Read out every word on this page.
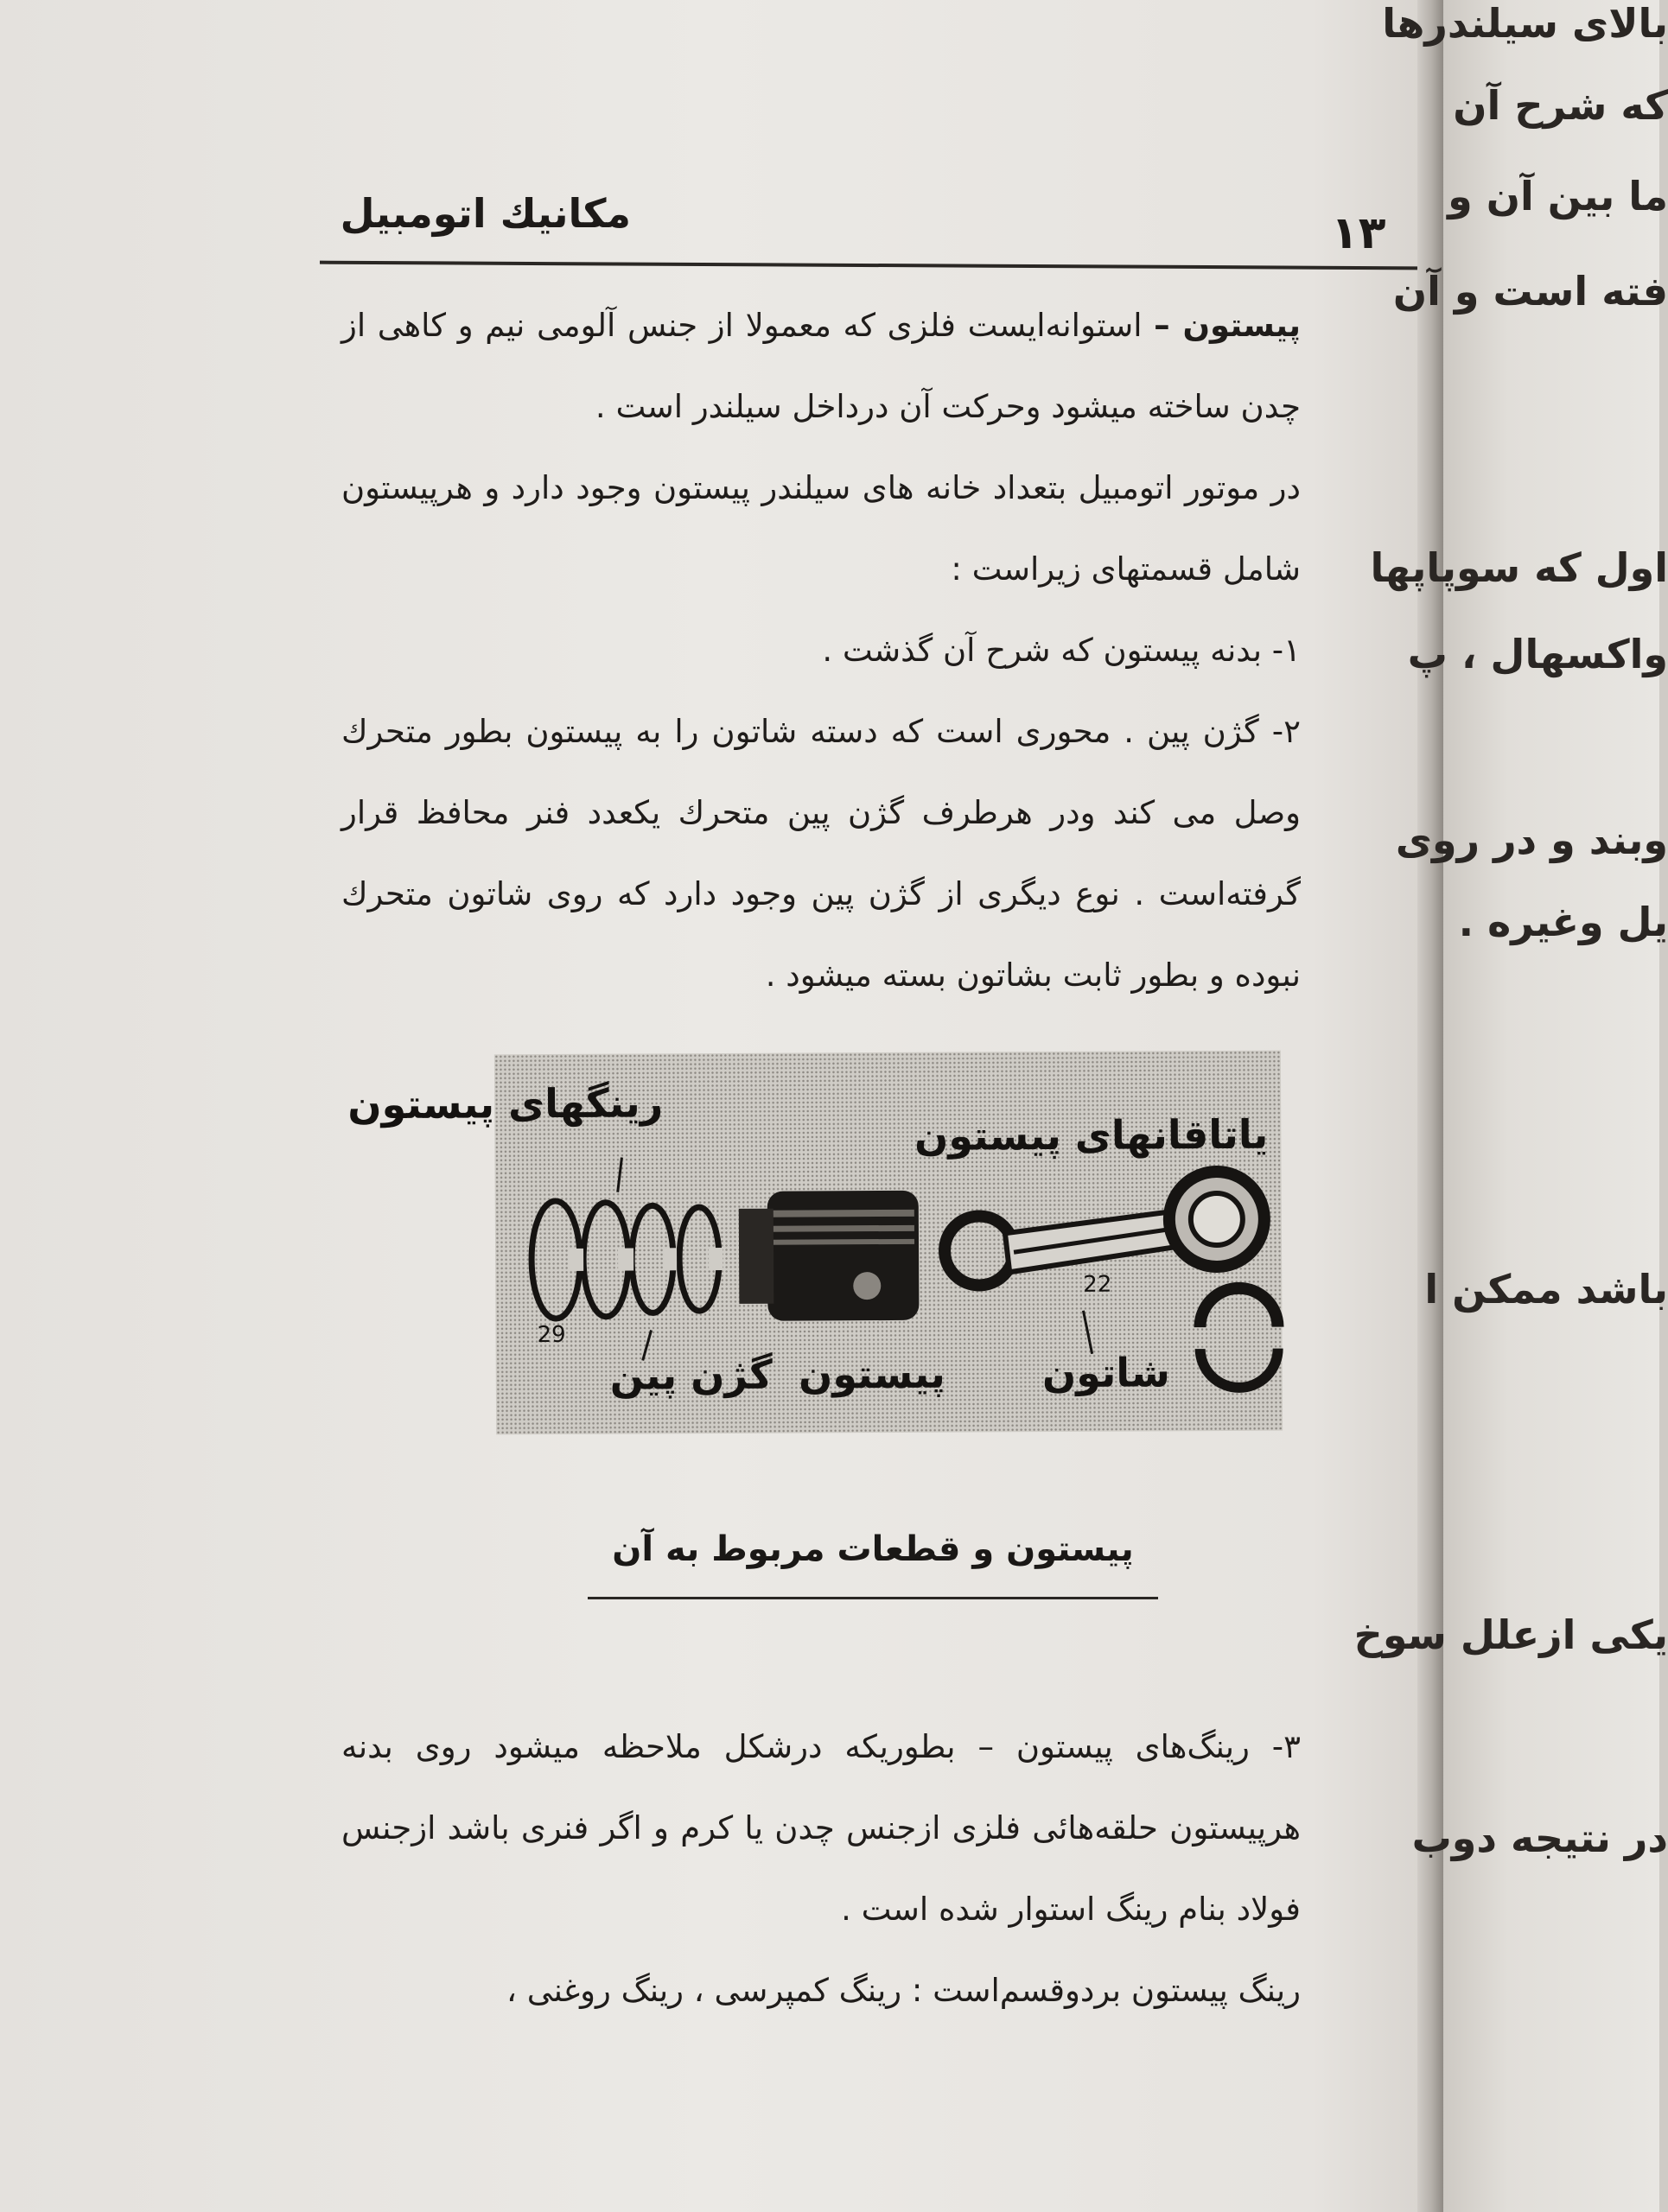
۱۳
مکانیك اتومبیل

پیستون – استوانه‌ایست فلزی که معمولا از جنس آلومی نیم و کاهی از چدن ساخته میشود وحرکت آن درداخل سیلندر است .

در موتور اتومبیل بتعداد خانه های سیلندر پیستون وجود دارد و هرپیستون شامل قسمتهای زیراست :

۱- بدنه پیستون که شرح آن گذشت .

۲- گژن پین . محوری است که دسته شاتون را به پیستون بطور متحرك وصل می کند ودر هرطرف گژن پین متحرك یکعدد فنر محافظ قرار گرفته‌است . نوع دیگری از گژن پین وجود دارد که روی شاتون متحرك نبوده و بطور ثابت بشاتون بسته میشود .

رینگهای پیستون
یاتاقانهای پیستون
گژن پین پیستون شاتون
29
22
پیستون و قطعات مربوط به آن

۳- رینگ‌های پیستون – بطوریکه درشکل ملاحظه میشود روی بدنه هرپیستون حلقه‌هائی فلزی ازجنس چدن یا کرم و اگر فنری باشد ازجنس فولاد بنام رینگ استوار شده است .

رینگ پیستون بردوقسم‌است : رینگ کمپرسی ، رینگ روغنی ،

بالای سیلندرها
که شرح آن
ما بین آن و
فته است و آن
اول که سوپاپها
واکسهال ، پ
وبند و در روی
یل وغیره .
باشد ممکن ا
یکی ازعلل سوخ
در نتیجه دوب
